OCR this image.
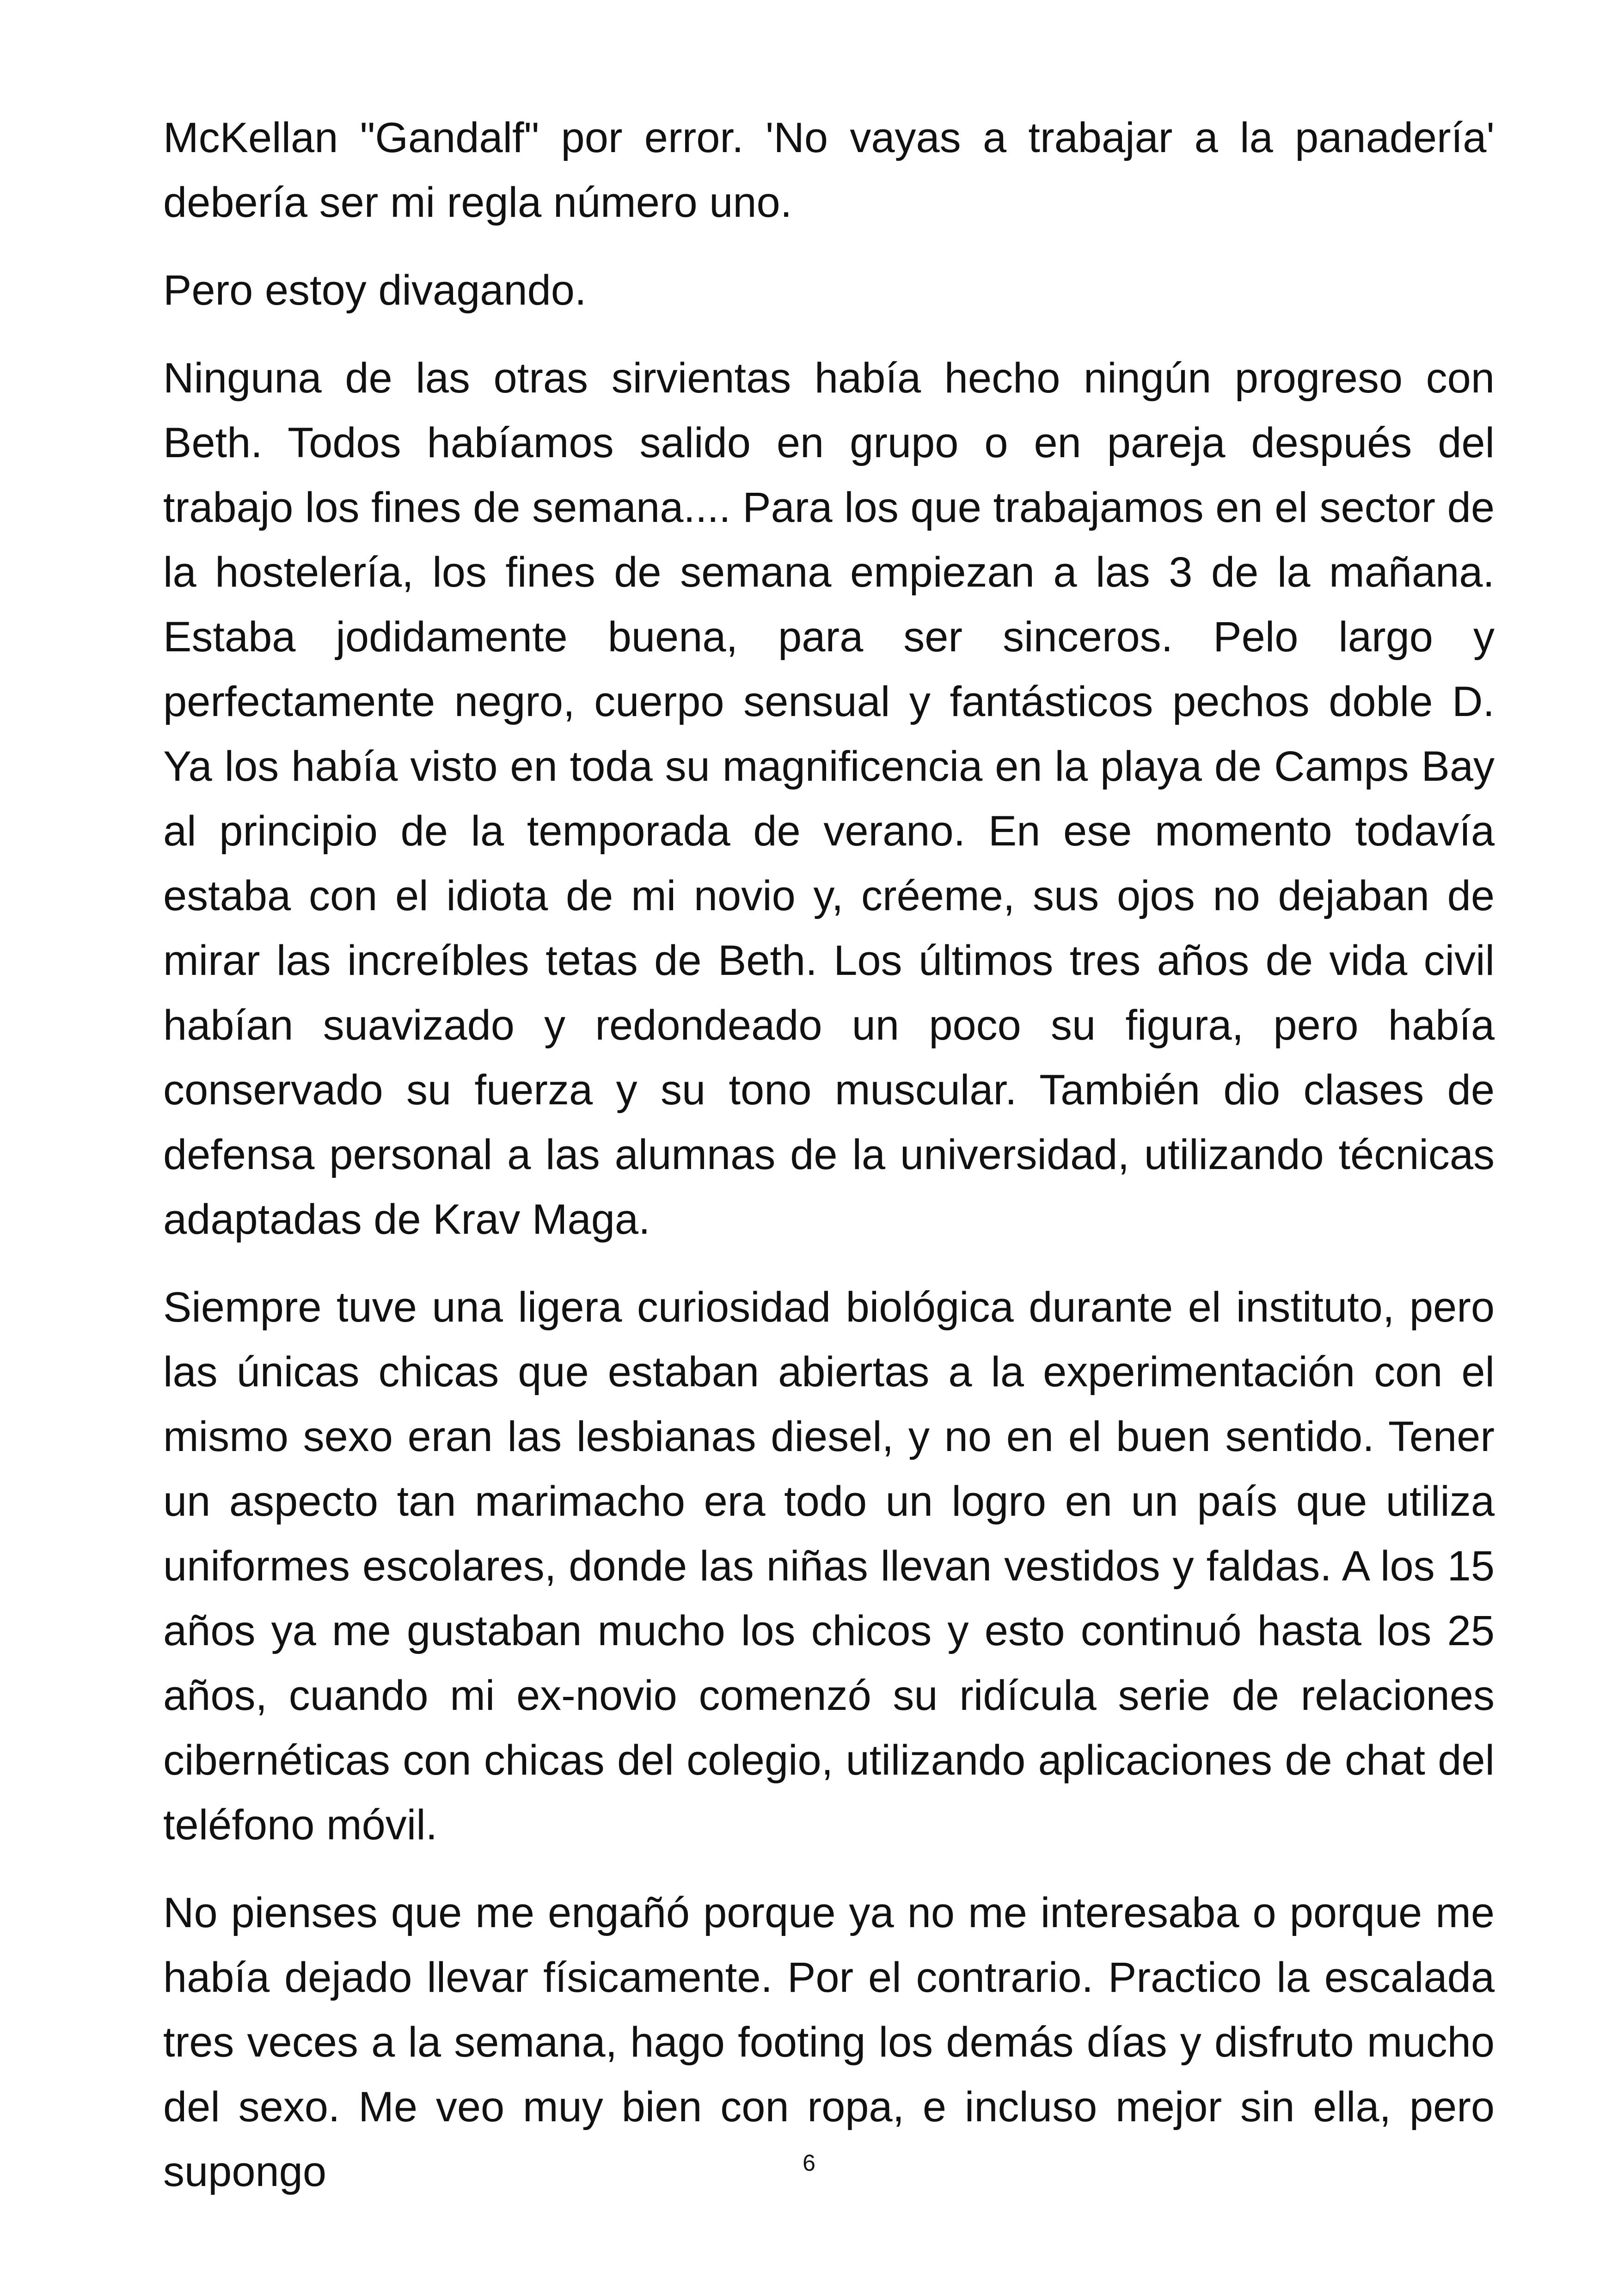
McKellan "Gandalf" por error. 'No vayas a trabajar a la panadería' debería ser mi regla número uno.

Pero estoy divagando.

Ninguna de las otras sirvientas había hecho ningún progreso con Beth. Todos habíamos salido en grupo o en pareja después del trabajo los fines de semana.... Para los que trabajamos en el sector de la hostelería, los fines de semana empiezan a las 3 de la mañana. Estaba jodidamente buena, para ser sinceros. Pelo largo y perfectamente negro, cuerpo sensual y fantásticos pechos doble D. Ya los había visto en toda su magnificencia en la playa de Camps Bay al principio de la temporada de verano. En ese momento todavía estaba con el idiota de mi novio y, créeme, sus ojos no dejaban de mirar las increíbles tetas de Beth. Los últimos tres años de vida civil habían suavizado y redondeado un poco su figura, pero había conservado su fuerza y su tono muscular. También dio clases de defensa personal a las alumnas de la universidad, utilizando técnicas adaptadas de Krav Maga.

Siempre tuve una ligera curiosidad biológica durante el instituto, pero las únicas chicas que estaban abiertas a la experimentación con el mismo sexo eran las lesbianas diesel, y no en el buen sentido. Tener un aspecto tan marimacho era todo un logro en un país que utiliza uniformes escolares, donde las niñas llevan vestidos y faldas. A los 15 años ya me gustaban mucho los chicos y esto continuó hasta los 25 años, cuando mi ex-novio comenzó su ridícula serie de relaciones cibernéticas con chicas del colegio, utilizando aplicaciones de chat del teléfono móvil.

No pienses que me engañó porque ya no me interesaba o porque me había dejado llevar físicamente. Por el contrario. Practico la escalada tres veces a la semana, hago footing los demás días y disfruto mucho del sexo. Me veo muy bien con ropa, e incluso mejor sin ella, pero supongo	6
